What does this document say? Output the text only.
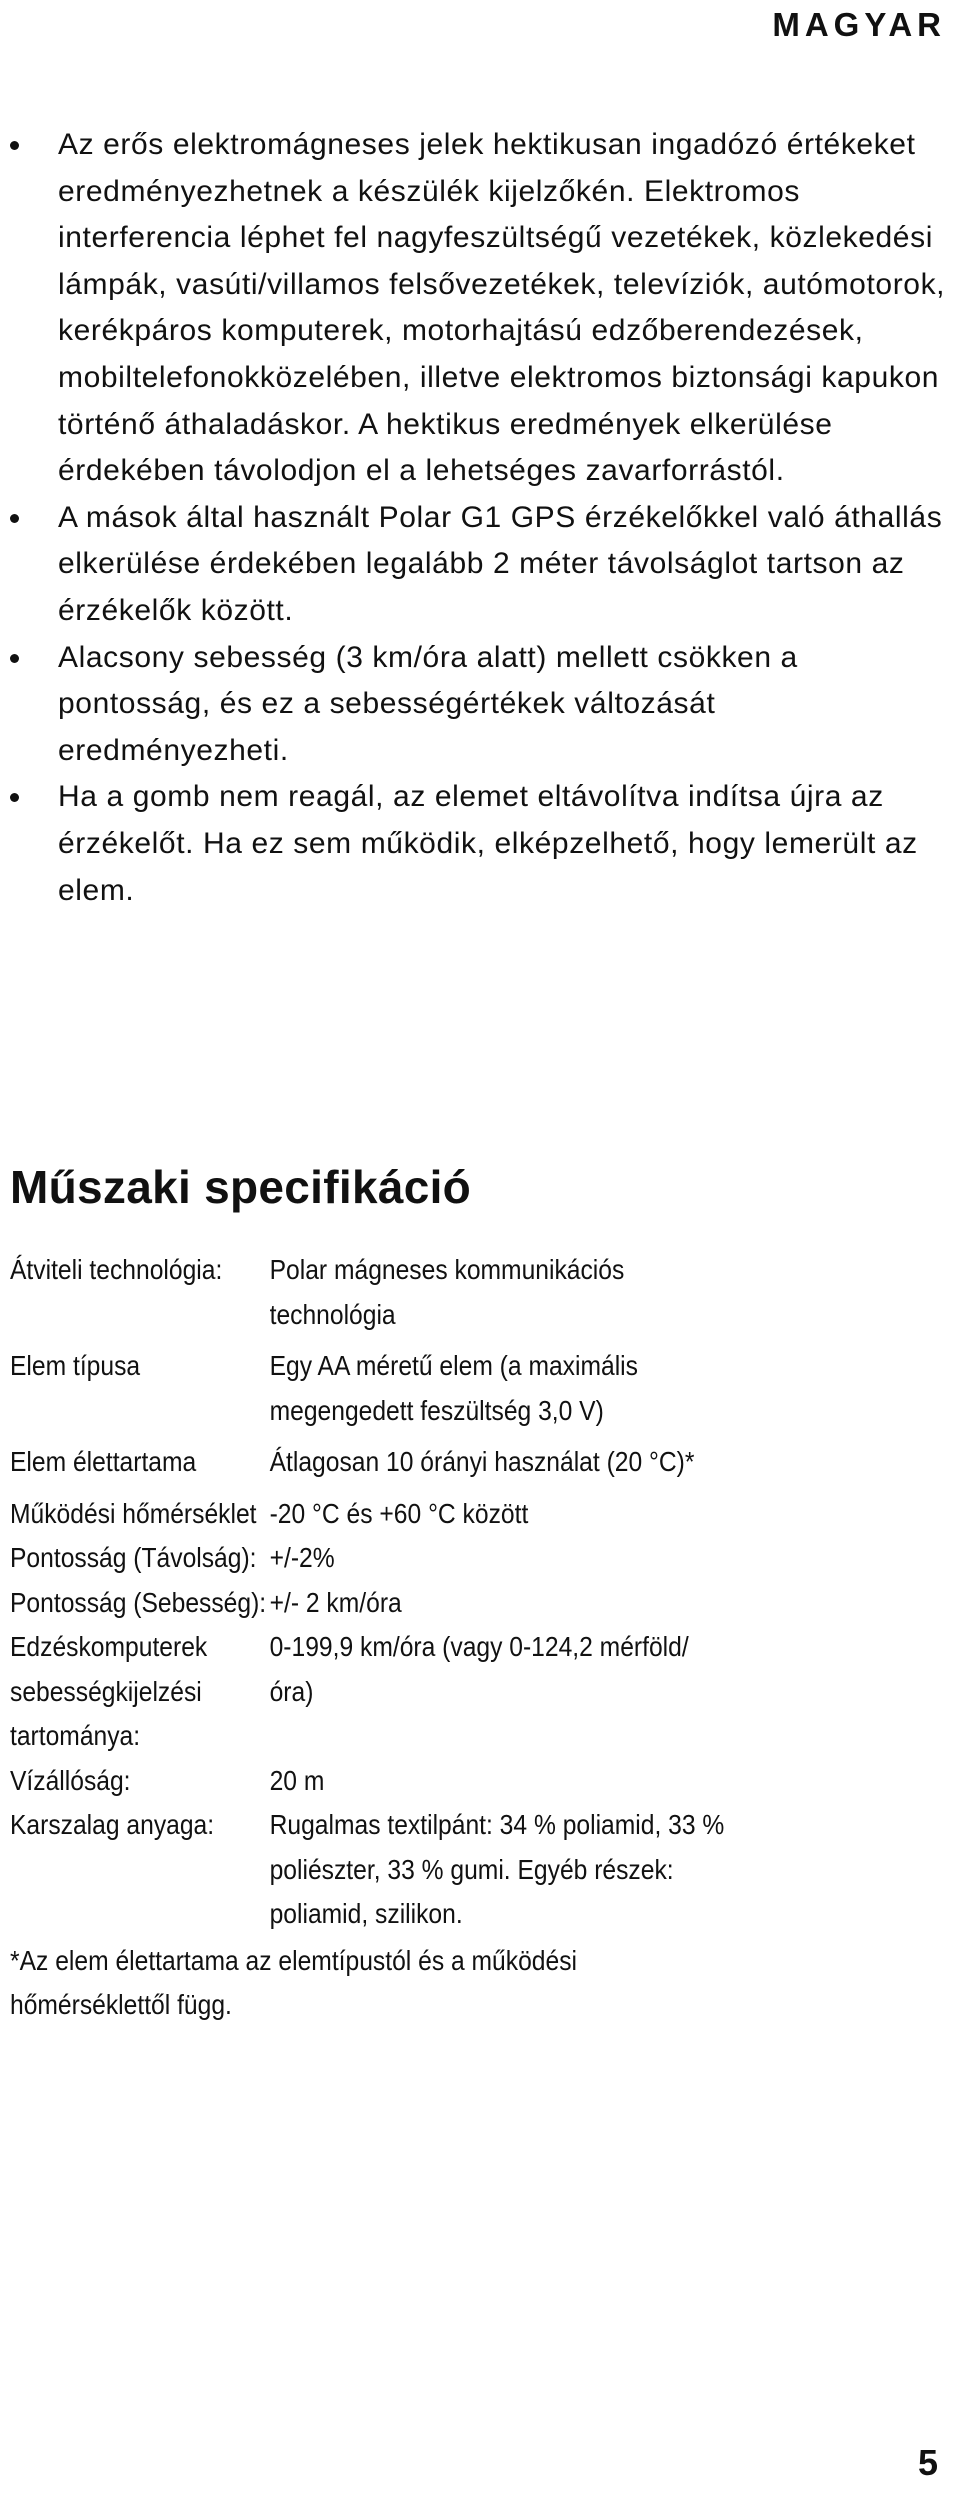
MAGYAR
Az erős elektromágneses jelek hektikusan ingadózó értékeket eredményezhetnek a készülék kijelzőkén. Elektromos interferencia léphet fel nagyfeszültségű vezetékek, közlekedési lámpák, vasúti/villamos felsővezetékek, televíziók, autómotorok, kerékpáros komputerek, motorhajtású edzőberendezések, mobiltelefonokközelében, illetve elektromos biztonsági kapukon történő áthaladáskor. A hektikus eredmények elkerülése érdekében távolodjon el a lehetséges zavarforrástól.
A mások által használt Polar G1 GPS érzékelőkkel való áthallás elkerülése érdekében legalább 2 méter távolságlot tartson az érzékelők között.
Alacsony sebesség (3 km/óra alatt) mellett csökken a pontosság, és ez a sebességértékek változását eredményezheti.
Ha a gomb nem reagál, az elemet eltávolítva indítsa újra az érzékelőt. Ha ez sem működik, elképzelhető, hogy lemerült az elem.
Műszaki specifikáció
Átviteli technológia:	Polar mágneses kommunikációs technológia
Elem típusa	Egy AA méretű elem (a maximális megengedett feszültség 3,0 V)
Elem élettartama	Átlagosan 10 órányi használat (20 °C)*
Működési hőmérséklet -20 °C és +60 °C között
Pontosság (Távolság): +/-2%
Pontosság (Sebesség): +/- 2 km/óra
Edzéskomputerek sebességkijelzési tartománya:
0-199,9 km/óra (vagy 0-124,2 mérföld/óra)
Vízállóság:	20 m
Karszalag anyaga:	Rugalmas textilpánt: 34 % poliamid, 33 % poliészter, 33 % gumi. Egyéb részek: poliamid, szilikon.
*Az elem élettartama az elemtípustól és a működési hőmérséklettől függ.
5
